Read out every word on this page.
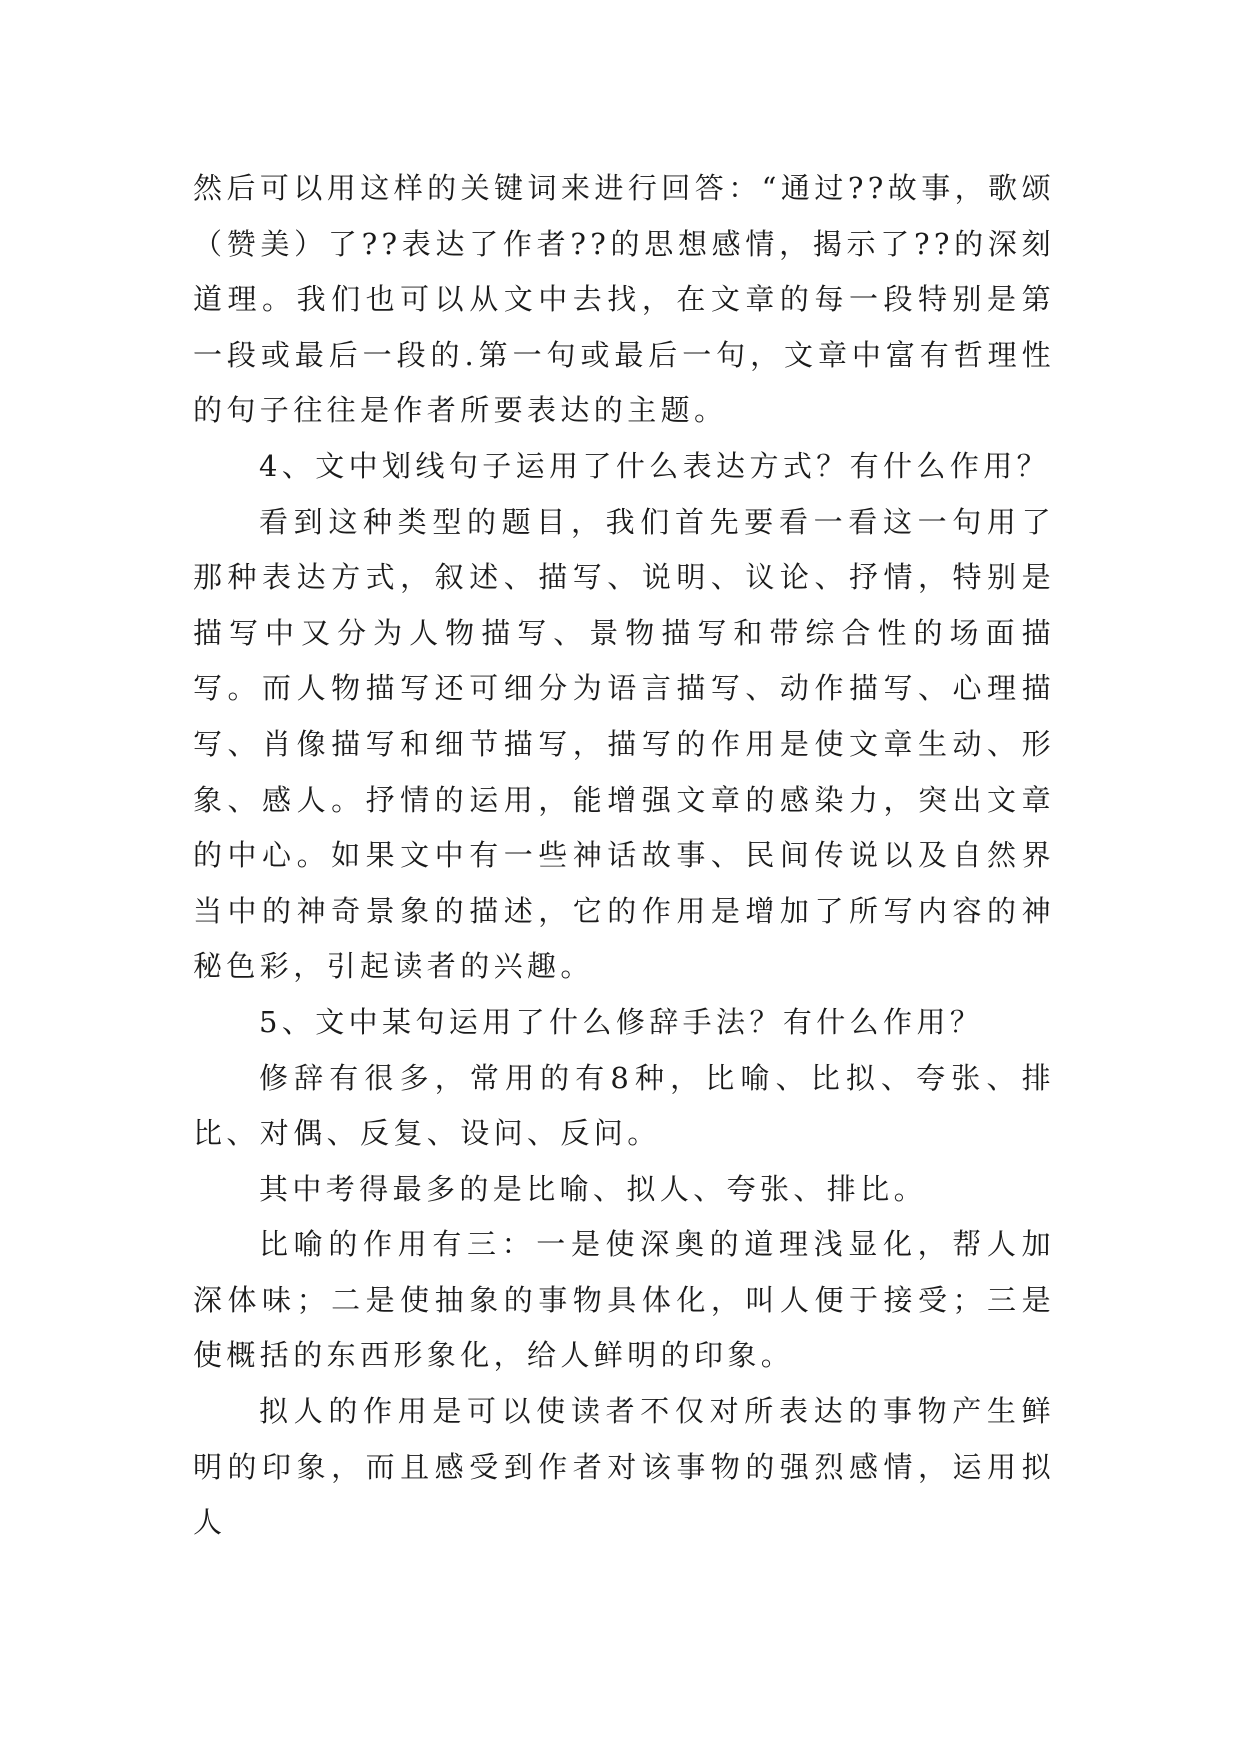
然后可以用这样的关键词来进行回答：“通过??故事，歌颂（赞美）了??表达了作者??的思想感情，揭示了??的深刻道理。我们也可以从文中去找，在文章的每一段特别是第一段或最后一段的.第一句或最后一句，文章中富有哲理性的句子往往是作者所要表达的主题。

4、文中划线句子运用了什么表达方式？有什么作用？

看到这种类型的题目，我们首先要看一看这一句用了那种表达方式，叙述、描写、说明、议论、抒情，特别是描写中又分为人物描写、景物描写和带综合性的场面描写。而人物描写还可细分为语言描写、动作描写、心理描写、肖像描写和细节描写，描写的作用是使文章生动、形象、感人。抒情的运用，能增强文章的感染力，突出文章的中心。如果文中有一些神话故事、民间传说以及自然界当中的神奇景象的描述，它的作用是增加了所写内容的神秘色彩，引起读者的兴趣。

5、文中某句运用了什么修辞手法？有什么作用？

修辞有很多，常用的有8种，比喻、比拟、夸张、排比、对偶、反复、设问、反问。

其中考得最多的是比喻、拟人、夸张、排比。

比喻的作用有三：一是使深奥的道理浅显化，帮人加深体味；二是使抽象的事物具体化，叫人便于接受；三是使概括的东西形象化，给人鲜明的印象。

拟人的作用是可以使读者不仅对所表达的事物产生鲜明的印象，而且感受到作者对该事物的强烈感情，运用拟人
